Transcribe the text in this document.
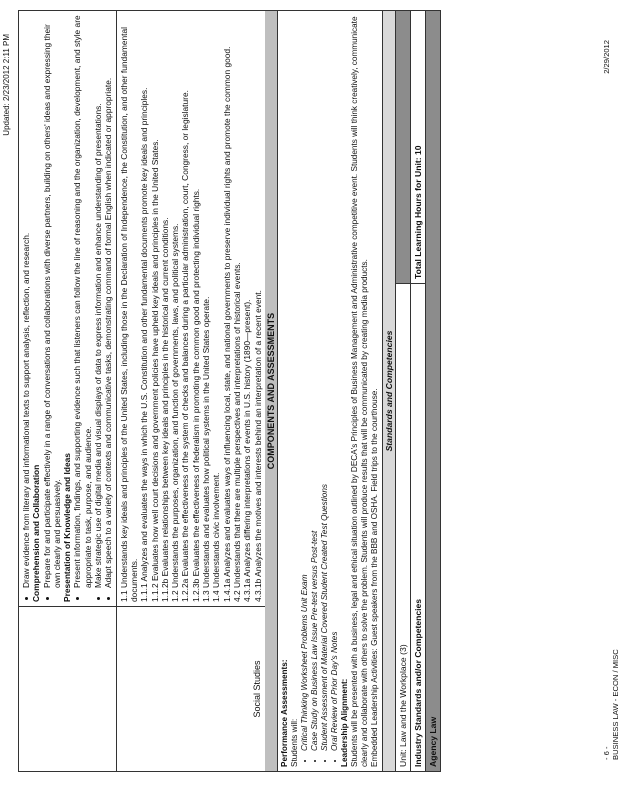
Updated: 2/23/2012 2:11 PM
• Draw evidence from literary and informational texts to support analysis, reflection, and research. Comprehension and Collaboration • Prepare for and participate effectively in a range of conversations and collaborations with diverse partners, building on others' ideas and expressing their own clearly and persuasively. Presentation of Knowledge and Ideas • Present information, findings, and supporting evidence such that listeners can follow the line of reasoning and the organization, development, and style are appropriate to task, purpose, and audience. • Make strategic use of digital media and visual displays of data to express information and enhance understanding of presentations. • Adapt speech to a variety of contexts and communicative tasks, demonstrating command of formal English when indicated or appropriate.
Social Studies
1.1 Understands key ideals and principles of the United States, including those in the Declaration of Independence, the Constitution, and other fundamental documents. 1.1.1 Analyzes and evaluates the ways in which the U.S. Constitution and other fundamental documents promote key ideals and principles. 1.1.2 Evaluates how well court decisions and government policies have upheld key ideals and principles in the United States. 1.1.2b Evaluates relationships between key ideals and principles in the historical and current conditions. 1.2 Understands the purposes, organization, and function of governments, laws, and political systems. 1.2.2a Evaluates the effectiveness of the system of checks and balances during a particular administration, court, Congress, or legislature. 1.2.3b Evaluates the effectiveness of federalism in promoting the common good and protecting individual rights. 1.3 Understands and evaluates how political systems in the United States operate. 1.4 Understands civic involvement. 1.4.1a Analyzes and evaluates ways of influencing local, state, and national governments to preserve individual rights and promote the common good. 4.2 Understands that there are multiple perspectives and interpretations of historical events. 4.3.1a Analyzes differing interpretations of events in U.S. history (1890—present). 4.3.1b Analyzes the motives and interests behind an interpretation of a recent event. COMPONENTS AND ASSESSMENTS
Performance Assessments: Students will: • Critical Thinking Worksheet Problems Unit Exam • Case Study on Business Law Issue Pre-test versus Post-test • Student Assessment of Material Covered Student Created Test Questions • Oral Review of Prior Day's Notes Leadership Alignment: Students will be presented with a business, legal and ethical situation outlined by DECA's Principles of Business Management and Administrative competitive event. Students will think creatively, communicate clearly and collaborate with others to solve the problem. Students will produce results that will be communicated by creating media products. Embedded Leadership Activities: Guest speakers from the BBB and OSHA. Field trips to the courthouse. Standards and Competencies
Unit: Law and the Workplace (3) Industry Standards and/or Competencies
Total Learning Hours for Unit: 10
Agency Law	- 6 -
BUSINESS LAW - ECON / MISC
2/29/2012
